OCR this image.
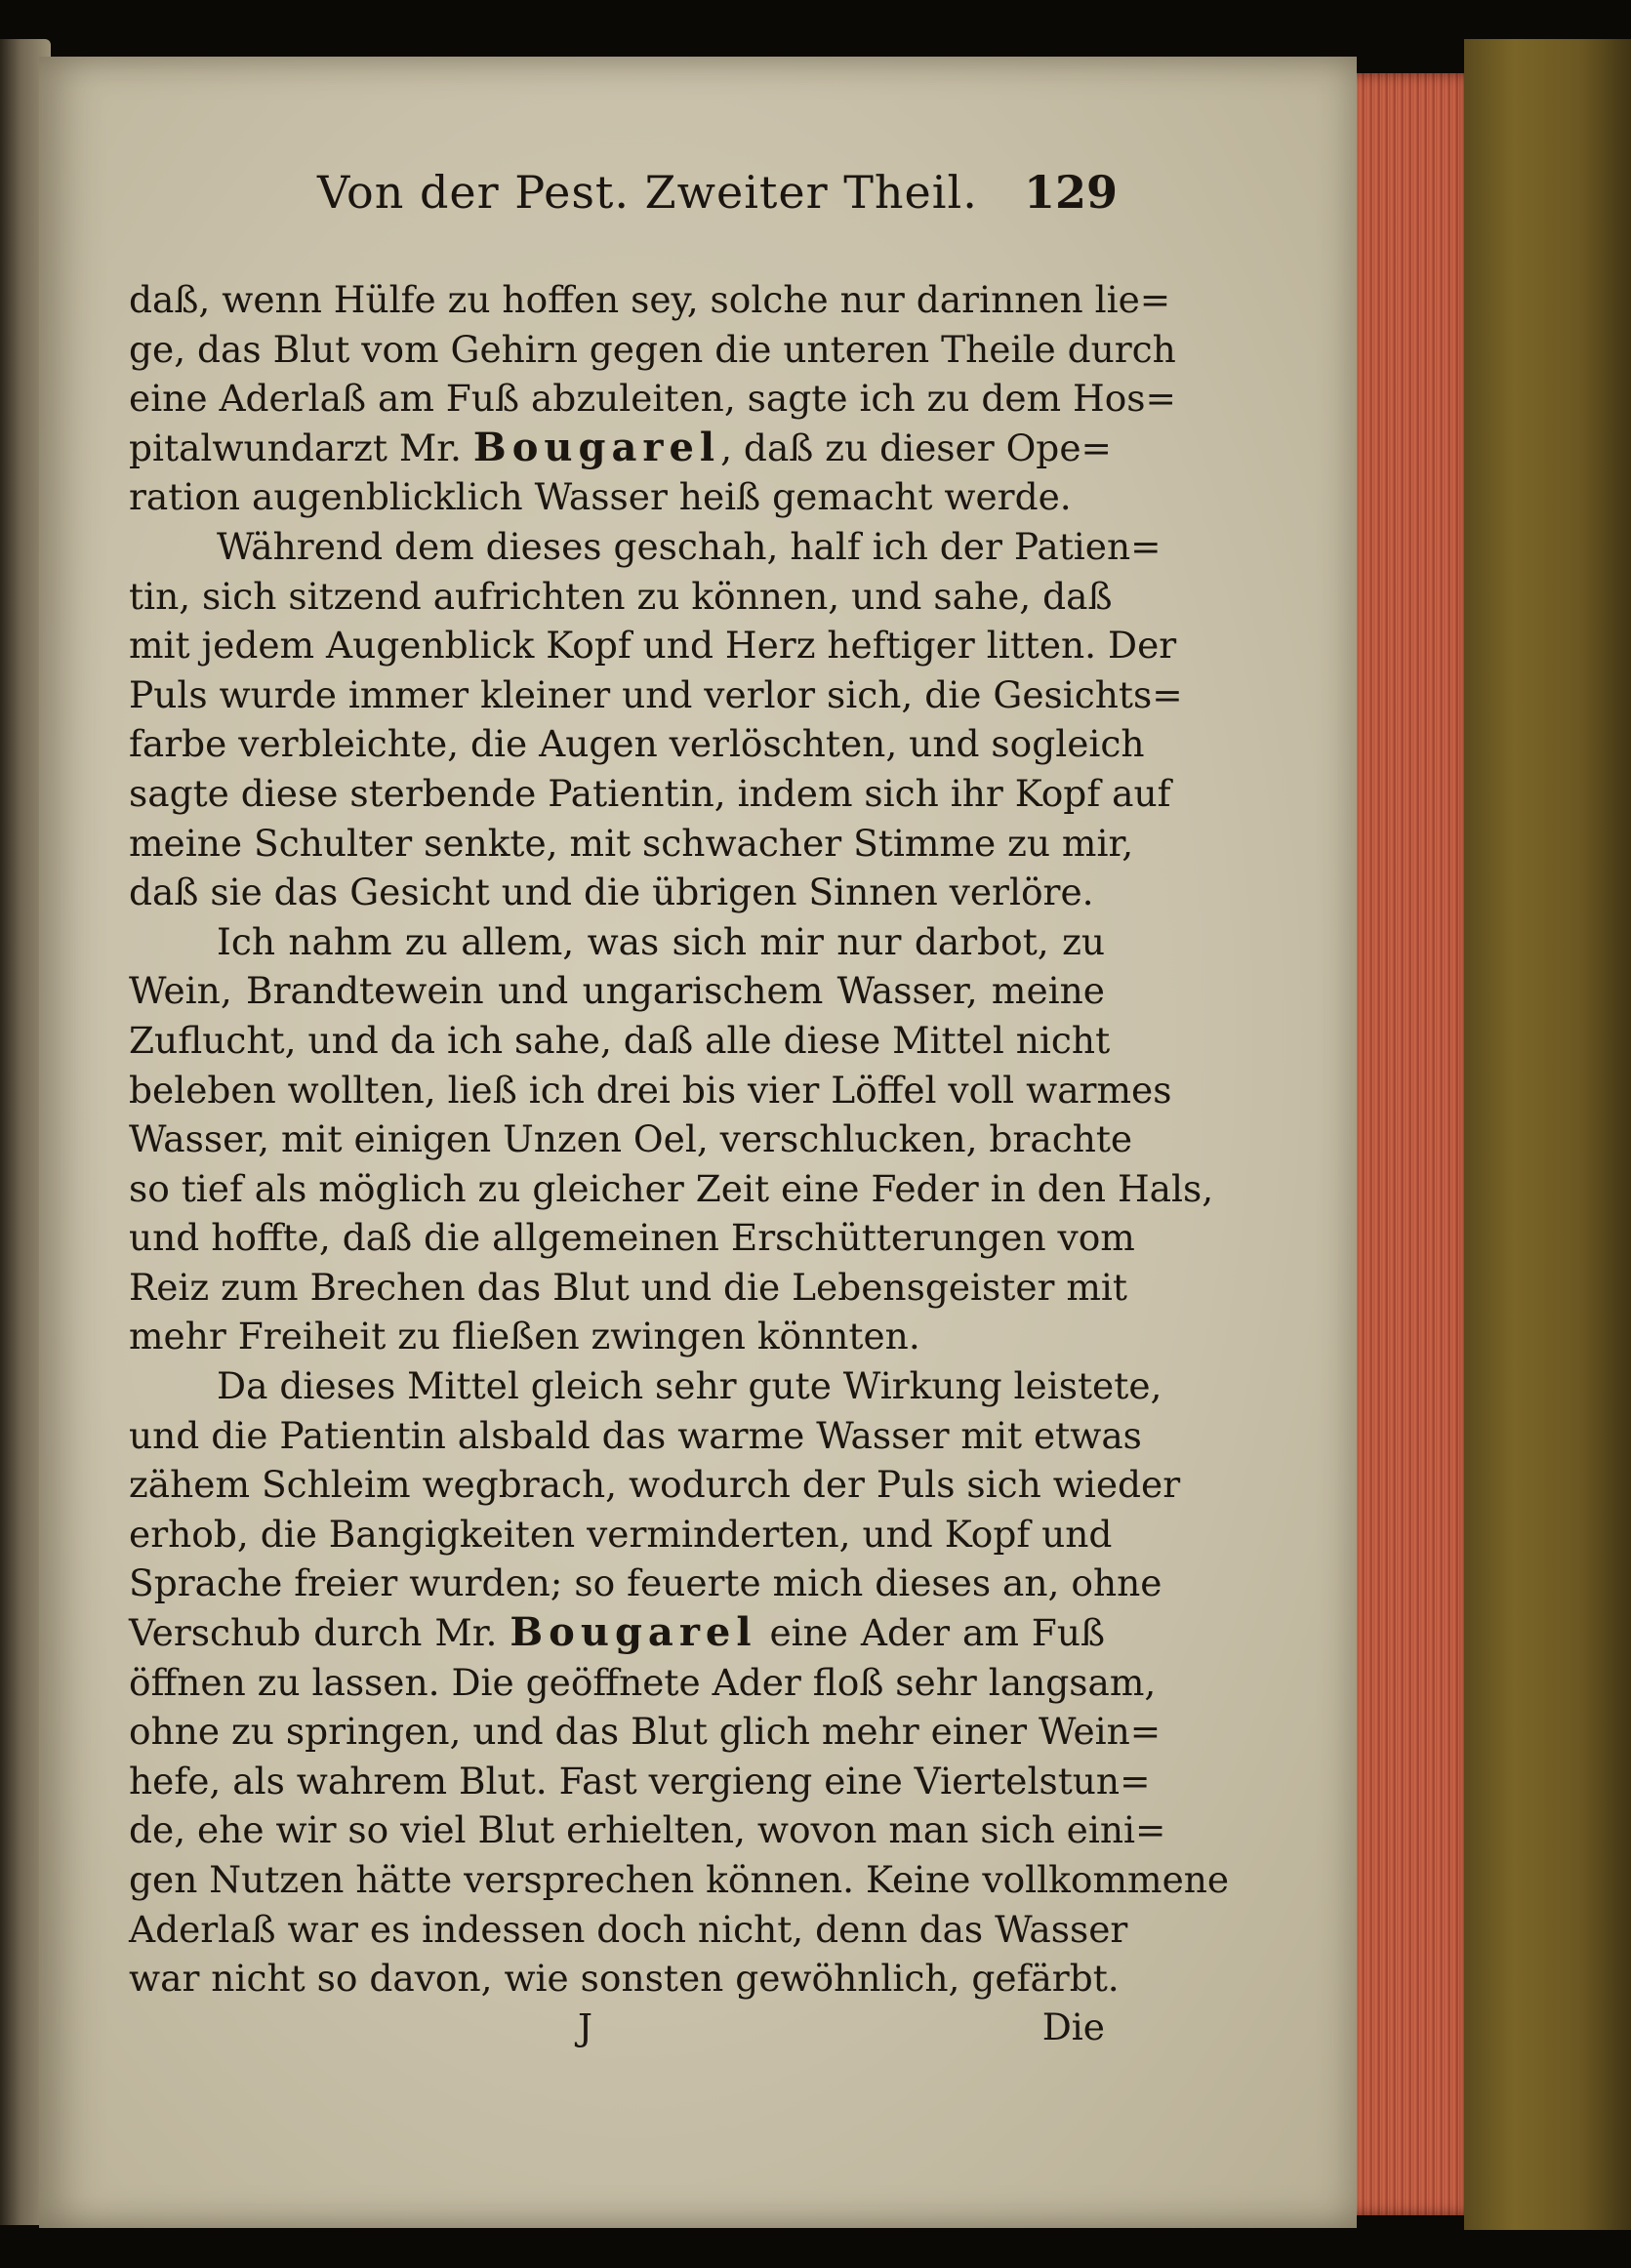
Von der Pest. Zweiter Theil. 129
daß, wenn Hülfe zu hoffen sey, solche nur darinnen lie=
ge, das Blut vom Gehirn gegen die unteren Theile durch
eine Aderlaß am Fuß abzuleiten, sagte ich zu dem Hos=
pitalwundarzt Mr. Bougarel, daß zu dieser Ope=
ration augenblicklich Wasser heiß gemacht werde.
Während dem dieses geschah, half ich der Patien=
tin, sich sitzend aufrichten zu können, und sahe, daß
mit jedem Augenblick Kopf und Herz heftiger litten. Der
Puls wurde immer kleiner und verlor sich, die Gesichts=
farbe verbleichte, die Augen verlöschten, und sogleich
sagte diese sterbende Patientin, indem sich ihr Kopf auf
meine Schulter senkte, mit schwacher Stimme zu mir,
daß sie das Gesicht und die übrigen Sinnen verlöre.
Ich nahm zu allem, was sich mir nur darbot, zu
Wein, Brandtewein und ungarischem Wasser, meine
Zuflucht, und da ich sahe, daß alle diese Mittel nicht
beleben wollten, ließ ich drei bis vier Löffel voll warmes
Wasser, mit einigen Unzen Oel, verschlucken, brachte
so tief als möglich zu gleicher Zeit eine Feder in den Hals,
und hoffte, daß die allgemeinen Erschütterungen vom
Reiz zum Brechen das Blut und die Lebensgeister mit
mehr Freiheit zu fließen zwingen könnten.
Da dieses Mittel gleich sehr gute Wirkung leistete,
und die Patientin alsbald das warme Wasser mit etwas
zähem Schleim wegbrach, wodurch der Puls sich wieder
erhob, die Bangigkeiten verminderten, und Kopf und
Sprache freier wurden; so feuerte mich dieses an, ohne
Verschub durch Mr. Bougarel eine Ader am Fuß
öffnen zu lassen. Die geöffnete Ader floß sehr langsam,
ohne zu springen, und das Blut glich mehr einer Wein=
hefe, als wahrem Blut. Fast vergieng eine Viertelstun=
de, ehe wir so viel Blut erhielten, wovon man sich eini=
gen Nutzen hätte versprechen können. Keine vollkommene
Aderlaß war es indessen doch nicht, denn das Wasser
war nicht so davon, wie sonsten gewöhnlich, gefärbt.
J	Die
